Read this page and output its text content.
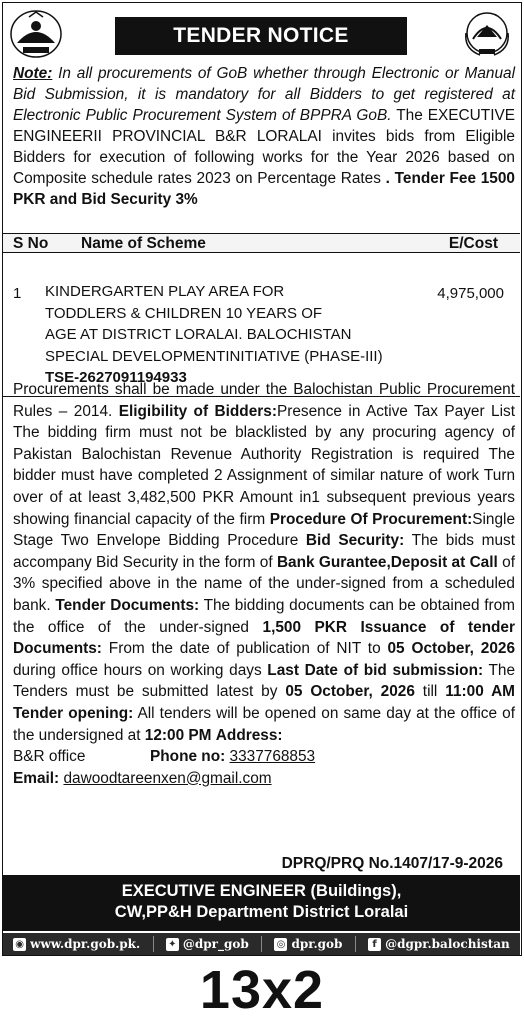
TENDER NOTICE
Note: In all procurements of GoB whether through Electronic or Manual Bid Submission, it is mandatory for all Bidders to get registered at Electronic Public Procurement System of BPPRA GoB. The EXECUTIVE ENGINEERII PROVINCIAL B&R LORALAI invites bids from Eligible Bidders for execution of following works for the Year 2026 based on Composite schedule rates 2023 on Percentage Rates . Tender Fee 1500 PKR and Bid Security 3%
S No Name of Scheme	E/Cost
1 KINDERGARTEN PLAY AREA FOR
TODDLERS & CHILDREN 10 YEARS OF
AGE AT DISTRICT LORALAI. BALOCHISTAN
SPECIAL DEVELOPMENTINITIATIVE (PHASE-III)
TSE-2627091194933
4,975,000
Procurements shall be made under the Balochistan Public Procurement Rules – 2014. Eligibility of Bidders:Presence in Active Tax Payer List The bidding firm must not be blacklisted by any procuring agency of Pakistan Balochistan Revenue Authority Registration is required The bidder must have completed 2 Assignment of similar nature of work Turn over of at least 3,482,500 PKR Amount in1 subsequent previous years showing financial capacity of the firm Procedure Of Procurement:Single Stage Two Envelope Bidding Procedure Bid Security: The bids must accompany Bid Security in the form of Bank Gurantee,Deposit at Call of 3% specified above in the name of the under-signed from a scheduled bank. Tender Documents: The bidding documents can be obtained from the office of the under-signed 1,500 PKR Issuance of tender Documents: From the date of publication of NIT to 05 October, 2026 during office hours on working days Last Date of bid submission: The Tenders must be submitted latest by 05 October, 2026 till 11:00 AM Tender opening: All tenders will be opened on same day at the office of the undersigned at 12:00 PM Address:
B&R office	Phone no: 3337768853
Email: dawoodtareenxen@gmail.com
DPRQ/PRQ No.1407/17-9-2026
EXECUTIVE ENGINEER (Buildings),
CW,PP&H Department District Loralai
◉ www.dpr.gob.pk.	✦ @dpr_gob	◎ dpr.gob	f @dgpr.balochistan
13x2
